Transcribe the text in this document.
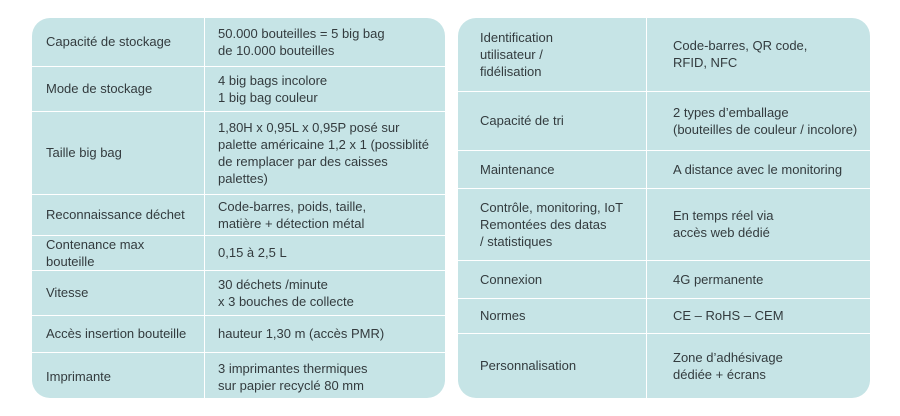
Capacité de stockage	50.000 bouteilles = 5 big bag
de 10.000 bouteilles
Mode de stockage	4 big bags incolore
1 big bag couleur
Taille big bag	1,80H x 0,95L x 0,95P posé sur
palette américaine 1,2 x 1 (possiblité
de remplacer par des caisses
palettes)
Reconnaissance déchet	Code-barres, poids, taille,
matière + détection métal
Contenance max bouteille	0,15 à 2,5 L
Vitesse	30 déchets /minute
x 3 bouches de collecte
Accès insertion bouteille	hauteur 1,30 m (accès PMR)
Imprimante	3 imprimantes thermiques
sur papier recyclé 80 mm
Identification
utilisateur /
fidélisation	Code-barres, QR code,
RFID, NFC
Capacité de tri	2 types d’emballage
(bouteilles de couleur / incolore)
Maintenance	A distance avec le monitoring
Contrôle, monitoring, IoT
Remontées des datas
/ statistiques	En temps réel via
accès web dédié
Connexion	4G permanente
Normes	CE – RoHS – CEM
Personnalisation	Zone d’adhésivage
dédiée + écrans
